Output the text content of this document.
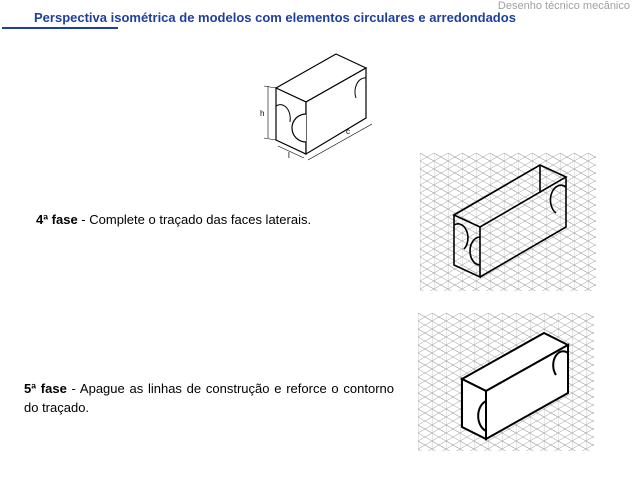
Desenho técnico mecânico
Perspectiva isométrica de modelos com elementos circulares e arredondados
h
c
l
4ª fase - Complete o traçado das faces laterais.
5ª fase - Apague as linhas de construção e reforce o contorno do traçado.
